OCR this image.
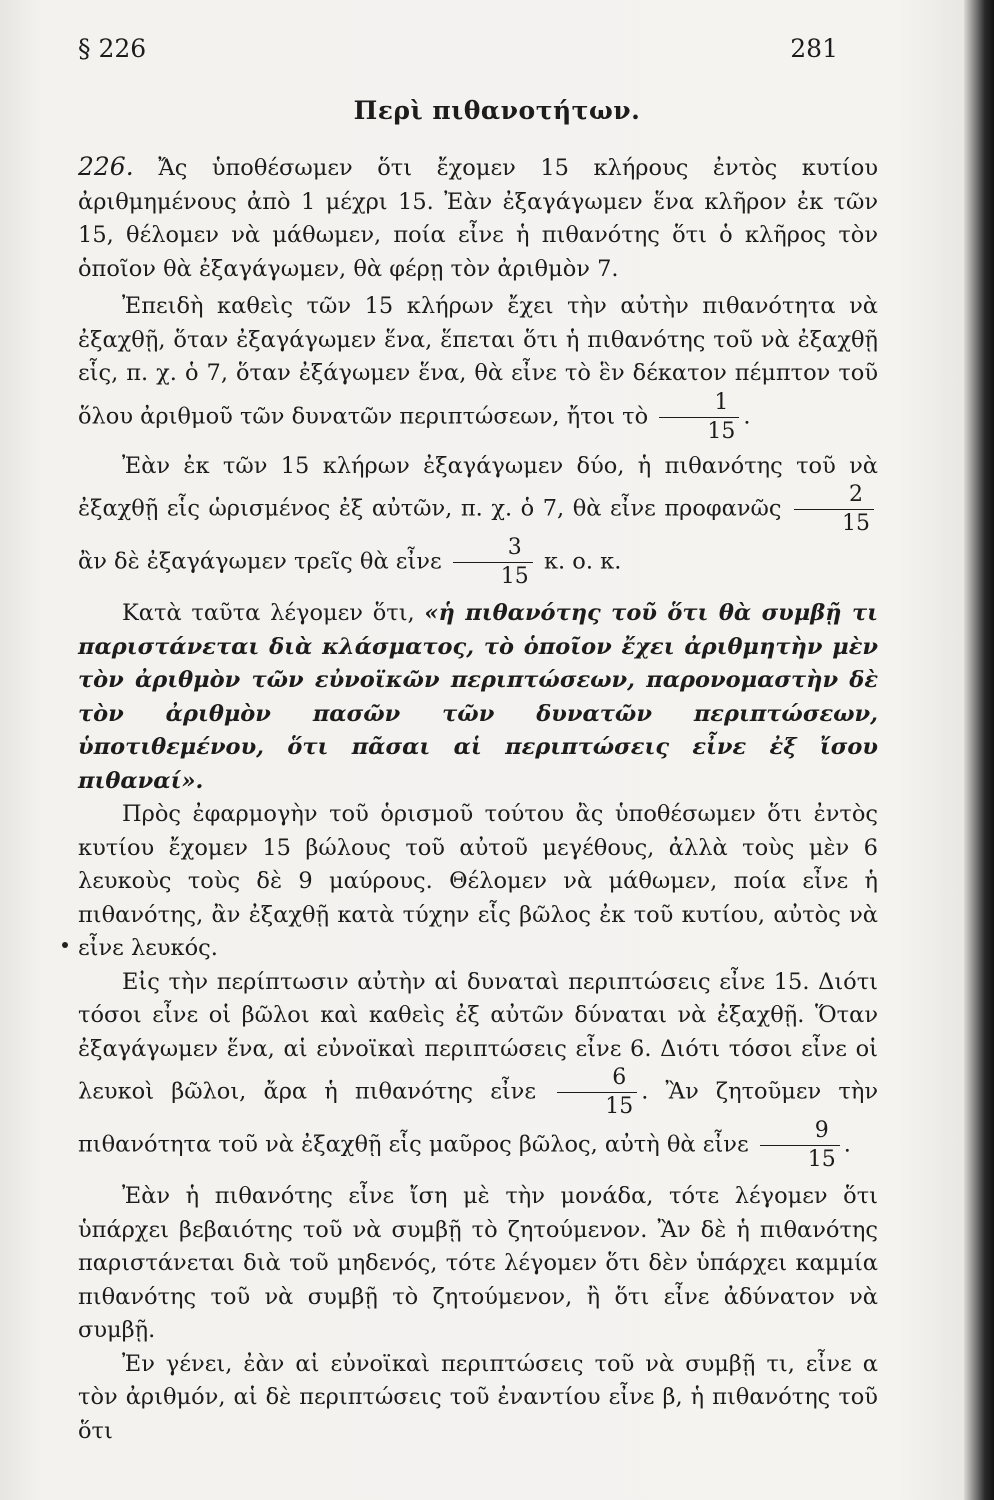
§ 226	281
Περὶ πιθανοτήτων.

226. Ἄς ὑποθέσωμεν ὅτι ἔχομεν 15 κλήρους ἐντὸς κυτίου ἀριθμημένους ἀπὸ 1 μέχρι 15. Ἐὰν ἐξαγάγωμεν ἕνα κλῆρον ἐκ τῶν 15, θέλομεν νὰ μάθωμεν, ποία εἶνε ἡ πιθανότης ὅτι ὁ κλῆρος τὸν ὁποῖον θὰ ἐξαγάγωμεν, θὰ φέρῃ τὸν ἀριθμὸν 7.

Ἐπειδὴ καθεὶς τῶν 15 κλήρων ἔχει τὴν αὐτὴν πιθανότητα νὰ ἐξαχθῇ, ὅταν ἐξαγάγωμεν ἕνα, ἕπεται ὅτι ἡ πιθανότης τοῦ νὰ ἐξαχθῇ εἷς, π. χ. ὁ 7, ὅταν ἐξάγωμεν ἕνα, θὰ εἶνε τὸ ἓν δέκατον πέμπτον τοῦ ὅλου ἀριθμοῦ τῶν δυνατῶν περιπτώσεων, ἤτοι τὸ $\frac{1}{15}$ .

Ἐὰν ἐκ τῶν 15 κλήρων ἐξαγάγωμεν δύο, ἡ πιθανότης τοῦ νὰ ἐξαχθῇ εἷς ὡρισμένος ἐξ αὐτῶν, π. χ. ὁ 7, θὰ εἶνε προφανῶς $\frac{2}{15}$
ἂν δὲ ἐξαγάγωμεν τρεῖς θὰ εἶνε $\frac{3}{15} \kappa$. ο. κ.

Κατὰ ταῦτα λέγομεν ὅτι, «ἡ πιθανότης τοῦ ὅτι θὰ συμβῇ τι παριστάνεται διὰ κλάσματος, τὸ ὁποῖον ἔχει ἀριθμητὴν μὲν τὸν ἀριθμὸν τῶν εὐνοϊκῶν περιπτώσεων, παρονομαστὴν δὲ τὸν ἀριθμὸν πασῶν τῶν δυνατῶν περιπτώσεων, ὑποτιθεμένου, ὅτι πᾶσαι αἱ περιπτώσεις εἶνε ἐξ ἴσου πιθαναί».

Πρὸς ἐφαρμογὴν τοῦ ὁρισμοῦ τούτου ἂς ὑποθέσωμεν ὅτι ἐντὸς κυτίου ἔχομεν 15 βώλους τοῦ αὐτοῦ μεγέθους, ἀλλὰ τοὺς μὲν 6 λευκοὺς τοὺς δὲ 9 μαύρους. Θέλομεν νὰ μάθωμεν, ποία εἶνε ἡ πιθανότης, ἂν ἐξαχθῇ κατὰ τύχην εἷς βῶλος ἐκ τοῦ κυτίου, αὐτὸς νὰ εἶνε λευκός.

Εἰς τὴν περίπτωσιν αὐτὴν αἱ δυναταὶ περιπτώσεις εἶνε 15. Διότι τόσοι εἶνε οἱ βῶλοι καὶ καθεὶς ἐξ αὐτῶν δύναται νὰ ἐξαχθῇ. Ὅταν ἐξαγάγωμεν ἕνα, αἱ εὐνοϊκαὶ περιπτώσεις εἶνε 6. Διότι τόσοι εἶνε οἱ λευκοὶ βῶλοι, ἄρα ἡ πιθανότης εἶνε $\frac{6}{15}$ . Ἂν ζητοῦμεν τὴν πιθανότητα τοῦ νὰ ἐξαχθῇ εἷς μαῦρος βῶλος, αὐτὴ θὰ εἶνε $\frac{9}{15}$ .

Ἐὰν ἡ πιθανότης εἶνε ἴση μὲ τὴν μονάδα, τότε λέγομεν ὅτι ὑπάρχει βεβαιότης τοῦ νὰ συμβῇ τὸ ζητούμενον. Ἂν δὲ ἡ πιθανότης παριστάνεται διὰ τοῦ μηδενός, τότε λέγομεν ὅτι δὲν ὑπάρχει καμμία πιθανότης τοῦ νὰ συμβῇ τὸ ζητούμενον, ἢ ὅτι εἶνε ἀδύνατον νὰ συμβῇ.

Ἐν γένει, ἐὰν αἱ εὐνοϊκαὶ περιπτώσεις τοῦ νὰ συμβῇ τι, εἶνε α τὸν ἀριθμόν, αἱ δὲ περιπτώσεις τοῦ ἐναντίου εἶνε β, ἡ πιθανότης τοῦ ὅτι
